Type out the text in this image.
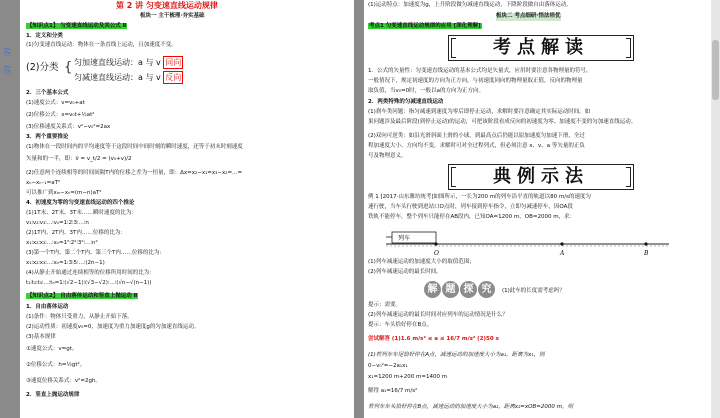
⎘
⎘
第 2 讲 匀变速直线运动规律
板块一 主干梳理·夯实基础
【知识点1】 匀变速直线运动及其公式 Ⅱ
1．定义和分类
(1)匀变速直线运动：物体在一条直线上运动，且加速度不变。
(2)分类 { 匀加速直线运动：a 与 v 同向
匀减速直线运动：a 与 v 反向
2．三个基本公式
(1)速度公式：v=v₀+at
(2)位移公式：x=v₀t+½at²
(3)位移速度关系式：v²−v₀²=2ax
3．两个重要推论
(1)物体在一段时间内的平均速度等于这段时间中间时刻的瞬时速度，还等于初末时刻速度
矢量和的一半，即：v̄ = v_t/2 = (v₀+v)/2
(2)任意两个连续相等的时间间隔T内的位移之差为一恒量，即：Δx=x₂−x₁=x₃−x₂=…=
xₙ−xₙ₋₁=aT²
可以推广到xₘ−xₙ=(m−n)aT²
4．初速度为零的匀变速直线运动的四个推论
(1)1T末、2T末、3T末……瞬时速度的比为：
v₁∶v₂∶v₃∶…∶vₙ=1∶2∶3∶…∶n
(2)1T内、2T内、3T内……位移的比为：
x₁∶x₂∶x₃∶…∶xₙ=1²∶2²∶3²∶…∶n²
(3)第一个T内、第二个T内、第三个T内……位移的比为：
x₁∶x₂∶x₃∶…∶xₙ=1∶3∶5∶…∶(2n−1)
(4)从静止开始通过连续相等的位移所用时间的比为：
t₁∶t₂∶t₃∶…∶tₙ=1∶(√2−1)∶(√3−√2)∶…∶(√n−√(n−1))
【知识点2】 自由落体运动和竖直上抛运动 Ⅱ
1．自由落体运动
(1)条件：物体只受重力，从静止开始下落。
(2)运动性质：初速度v₀=0，加速度为重力加速度g的匀加速直线运动。
(3)基本规律
①速度公式：v=gt。
②位移公式：h=½gt²。
③速度位移关系式：v²=2gh。
2．竖直上抛运动规律
(1)运动特点：加速度为g，上升阶段做匀减速直线运动，下降阶段做自由落体运动。
板块二 考点细研·悟法培优
考点1 匀变速直线运动规律的应用 [深化理解]
考点解读
1．公式的矢量性：匀变速直线运动的基本公式均是矢量式，应用时要注意各物理量的符号，
一般情况下，规定初速度的方向为正方向，与初速度同向的物理量取正值，反向的物理量
取负值，当v₀=0时，一般以a的方向为正方向。
2．两类特殊的匀减速直线运动
(1)刹车类问题：指匀减速到速度为零后即停止运动，求解时要注意确定其实际运动时间。如
果问题涉及最后阶段(到停止运动)的运动，可把该阶段看成反向的初速度为零、加速度不变的匀加速直线运动。
(2)双向可逆类：如沿光滑斜面上滑的小球，到最高点后仍能以原加速度匀加速下滑，全过
程加速度大小、方向均不变，求解时可对全过程列式，但必须注意 x、v、a 等矢量的正负
号及物理意义。
典例示法
例 1 [2017·山东潍坊统考]如图所示，一长为200 m的列车沿平直的轨道以80 m/s的速度匀
速行驶，当车头行驶到进站口O点时，列车接到停车指令，立即匀减速停车，因OA段
铁轨不能停车，整个列车只能停在AB段内，已知OA=1200 m，OB=2000 m，求：
列车
O	A	B
(1)列车减速运动的加速度大小的取值范围；
(2)列车减速运动的最长时间。
解 题 探 究	(1)此车的长度需考虑吗？
提示：需要。
(2)列车减速运动的最长时间对应列车的运动情况是什么？
提示：车头恰好停在B点。
尝试解答 (1)1.6 m/s² ≤ a ≤ 16/7 m/s² (2)50 s
(1)若列车车尾恰好停在A点，减速运动的加速度大小为a₁，距离为x₁，则
0−v₀²=−2a₁x₁
x₁=1200 m+200 m=1400 m
解得 a₁=16/7 m/s²
若列车车头恰好停在B点，减速运动的加速度大小为a₂，距离x₂=xOB=2000 m，则
